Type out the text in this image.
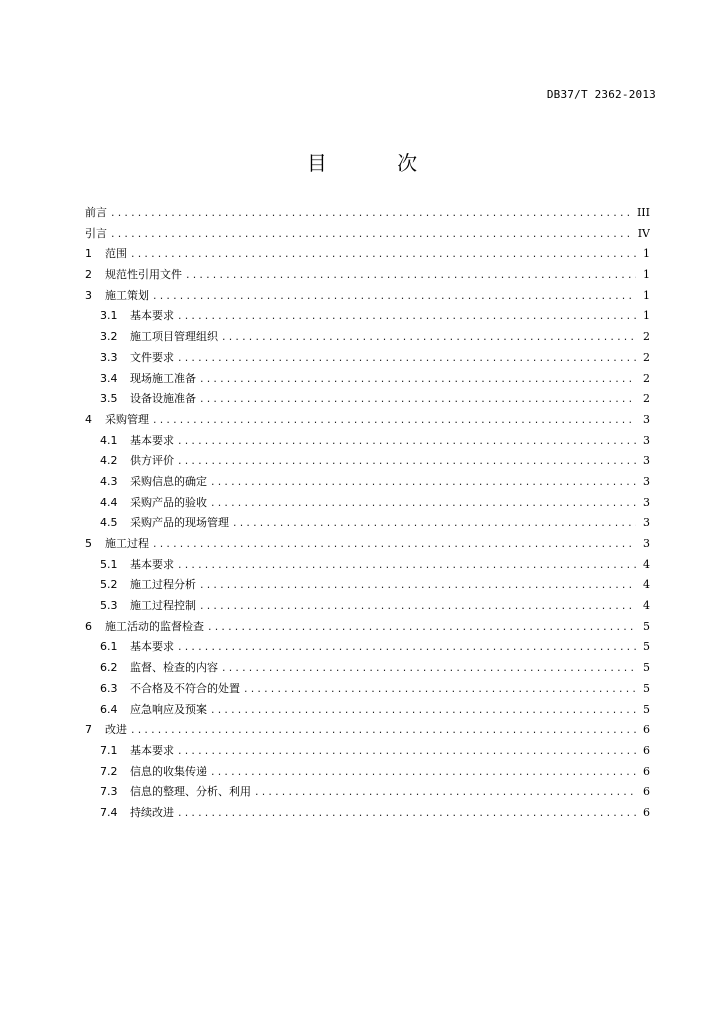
DB37/T 2362-2013
目 次
前言 .....	III
引言 .....	IV
1	范围 .....	1
2	规范性引用文件 .....	1
3	施工策划 .....	1
3.1	基本要求 .....	1
3.2	施工项目管理组织 .....	2
3.3	文件要求 .....	2
3.4	现场施工准备 .....	2
3.5	设备设施准备 .....	2
4	采购管理 .....	3
4.1	基本要求 .....	3
4.2	供方评价 .....	3
4.3	采购信息的确定 .....	3
4.4	采购产品的验收 .....	3
4.5	采购产品的现场管理 .....	3
5	施工过程 .....	3
5.1	基本要求 .....	4
5.2	施工过程分析 .....	4
5.3	施工过程控制 .....	4
6	施工活动的监督检查 .....	5
6.1	基本要求 .....	5
6.2	监督、检查的内容 .....	5
6.3	不合格及不符合的处置 .....	5
6.4	应急响应及预案 .....	5
7	改进 .....	6
7.1	基本要求 .....	6
7.2	信息的收集传递 .....	6
7.3	信息的整理、分析、利用 .....	6
7.4	持续改进 .....	6
